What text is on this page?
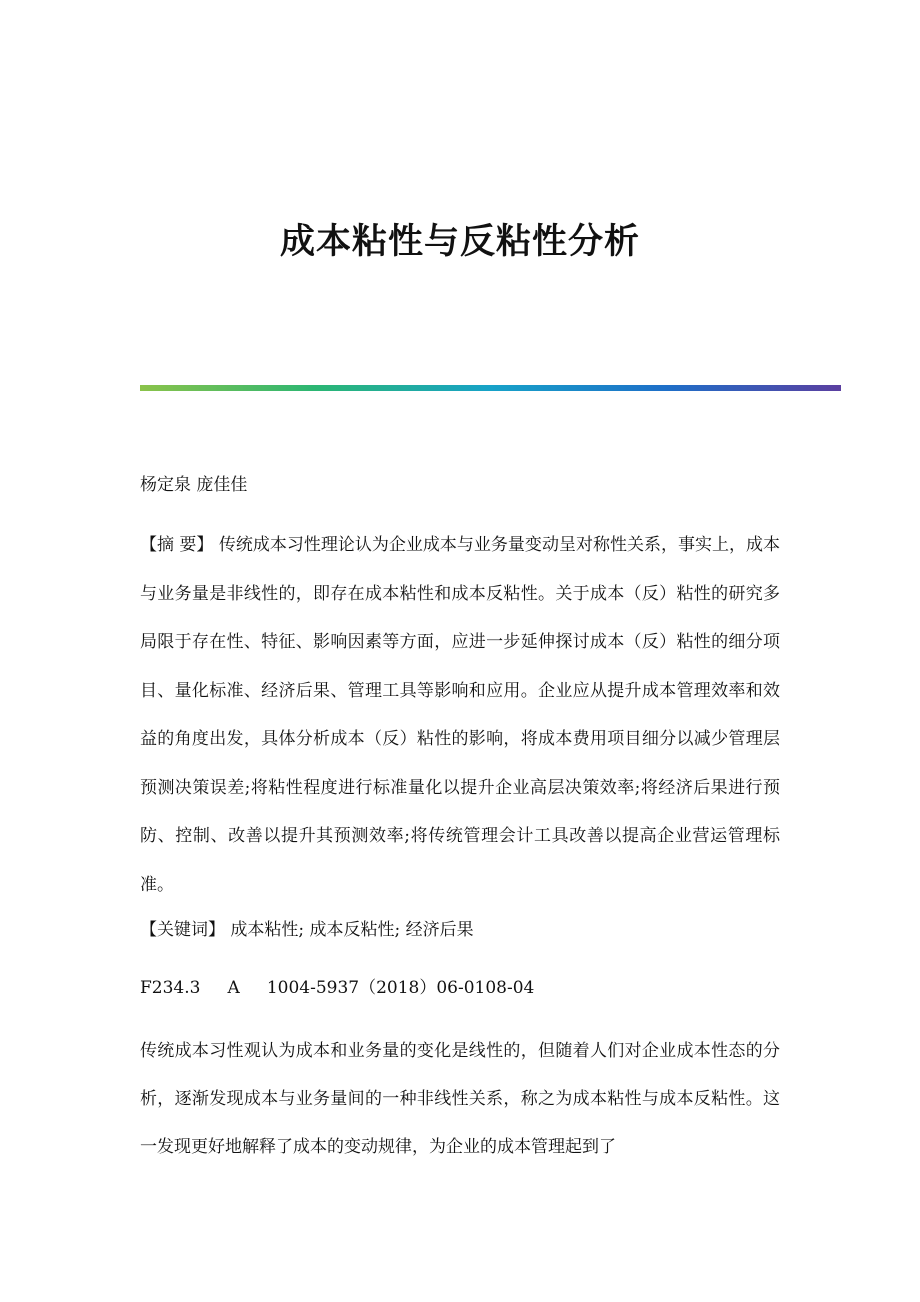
成本粘性与反粘性分析

杨定泉 庞佳佳

【摘 要】 传统成本习性理论认为企业成本与业务量变动呈对称性关系，事实上，成本与业务量是非线性的，即存在成本粘性和成本反粘性。关于成本（反）粘性的研究多局限于存在性、特征、影响因素等方面，应进一步延伸探讨成本（反）粘性的细分项目、量化标准、经济后果、管理工具等影响和应用。企业应从提升成本管理效率和效益的角度出发，具体分析成本（反）粘性的影响，将成本费用项目细分以减少管理层预测决策误差;将粘性程度进行标准量化以提升企业高层决策效率;将经济后果进行预防、控制、改善以提升其预测效率;将传统管理会计工具改善以提高企业营运管理标准。

【关键词】 成本粘性; 成本反粘性; 经济后果

F234.3 A 1004-5937（2018）06-0108-04

传统成本习性观认为成本和业务量的变化是线性的，但随着人们对企业成本性态的分析，逐渐发现成本与业务量间的一种非线性关系，称之为成本粘性与成本反粘性。这一发现更好地解释了成本的变动规律，为企业的成本管理起到了
